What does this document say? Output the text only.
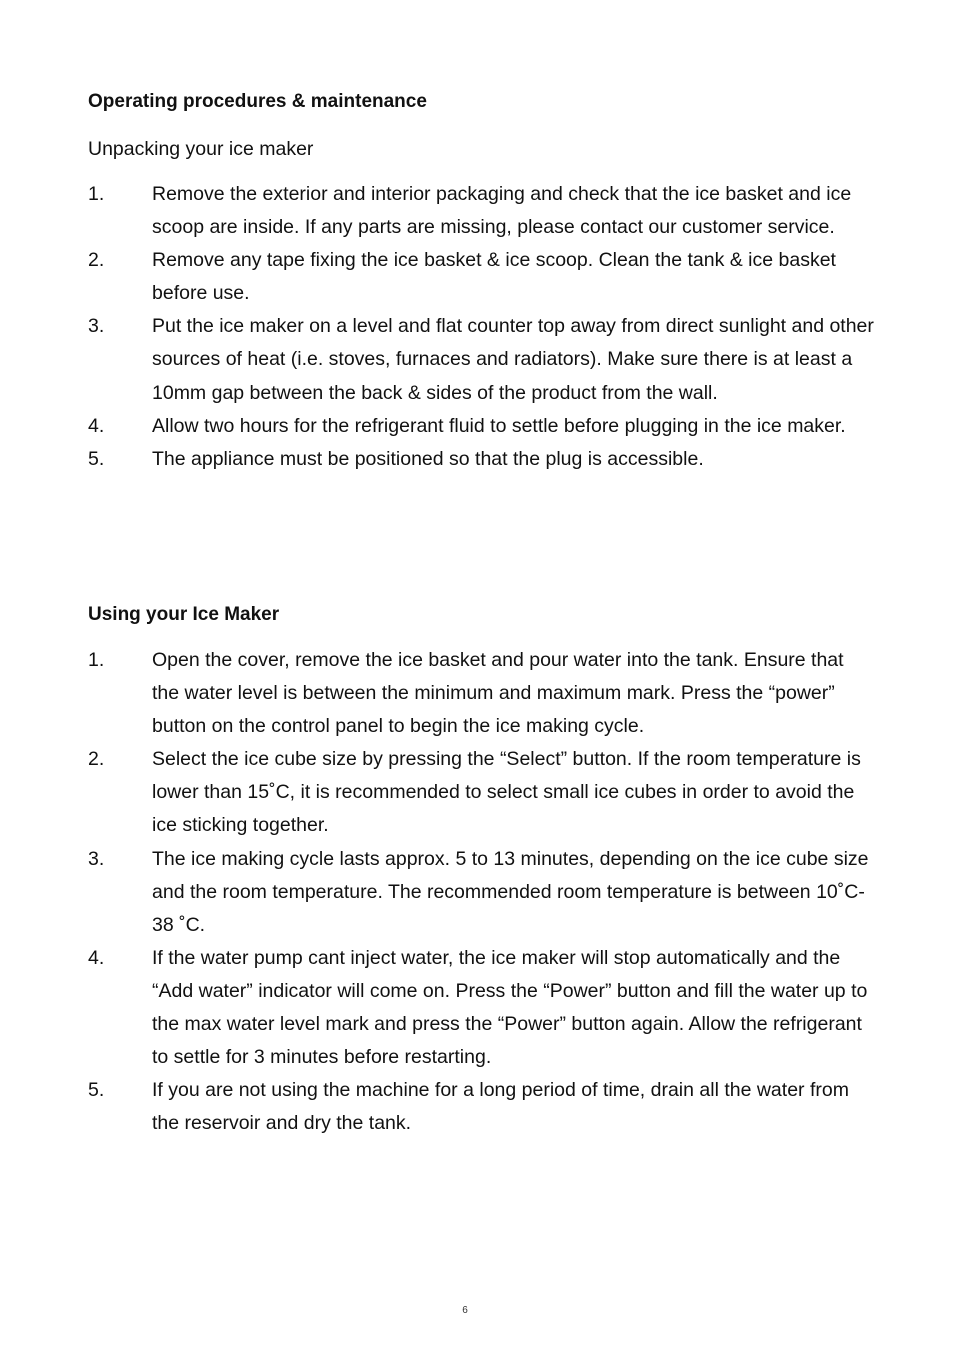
Operating procedures & maintenance
Unpacking your ice maker
1. Remove the exterior and interior packaging and check that the ice basket and ice scoop are inside. If any parts are missing, please contact our customer service.
2. Remove any tape fixing the ice basket & ice scoop. Clean the tank & ice basket before use.
3. Put the ice maker on a level and flat counter top away from direct sunlight and other sources of heat (i.e. stoves, furnaces and radiators). Make sure there is at least a 10mm gap between the back & sides of the product from the wall.
4. Allow two hours for the refrigerant fluid to settle before plugging in the ice maker.
5. The appliance must be positioned so that the plug is accessible.
Using your Ice Maker
1. Open the cover, remove the ice basket and pour water into the tank. Ensure that the water level is between the minimum and maximum mark. Press the “power” button on the control panel to begin the ice making cycle.
2. Select the ice cube size by pressing the “Select” button. If the room temperature is lower than 15˚C, it is recommended to select small ice cubes in order to avoid the ice sticking together.
3. The ice making cycle lasts approx. 5 to 13 minutes, depending on the ice cube size and the room temperature. The recommended room temperature is between 10˚C- 38 ˚C.
4. If the water pump cant inject water, the ice maker will stop automatically and the “Add water” indicator will come on. Press the “Power” button and fill the water up to the max water level mark and press the “Power” button again. Allow the refrigerant to settle for 3 minutes before restarting.
5. If you are not using the machine for a long period of time, drain all the water from the reservoir and dry the tank.
6
